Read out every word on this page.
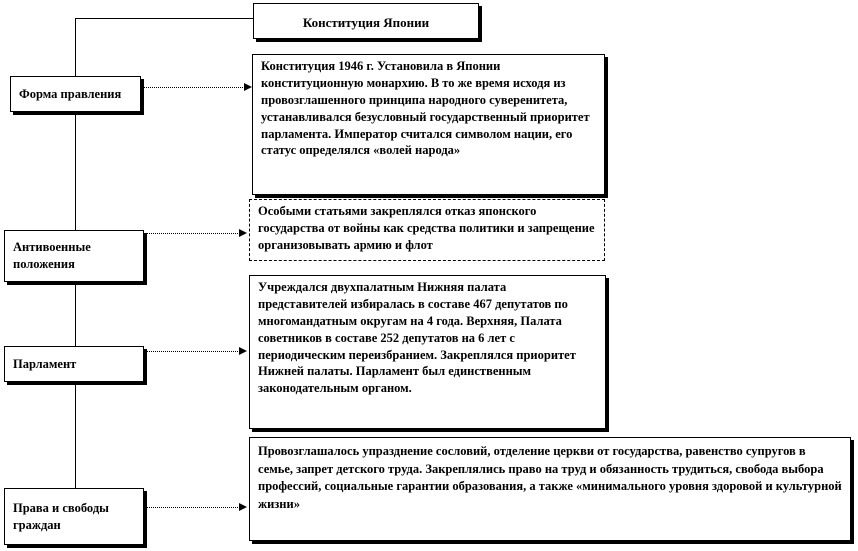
Конституция Японии
Форма правления
Конституция 1946 г. Установила в Японии конституционную монархию. В то же время исходя из провозглашенного принципа народного суверенитета, устанавливался безусловный государственный приоритет парламента. Император считался символом нации, его статус определялся «волей народа»
Антивоенные положения
Особыми статьями закреплялся отказ японского государства от войны как средства политики и запрещение организовывать армию и флот
Парламент
Учреждался двухпалатным Нижняя палата представителей избиралась в составе 467 депутатов по многомандатным округам на 4 года. Верхняя, Палата советников в составе 252 депутатов на 6 лет с периодическим переизбранием. Закреплялся приоритет Нижней палаты. Парламент был единственным законодательным органом.
Права и свободы граждан
Провозглашалось упразднение сословий, отделение церкви от государства, равенство супругов в семье, запрет детского труда. Закреплялись право на труд и обязанность трудиться, свобода выбора профессий, социальные гарантии образования, а также «минимального уровня здоровой и культурной жизни»
